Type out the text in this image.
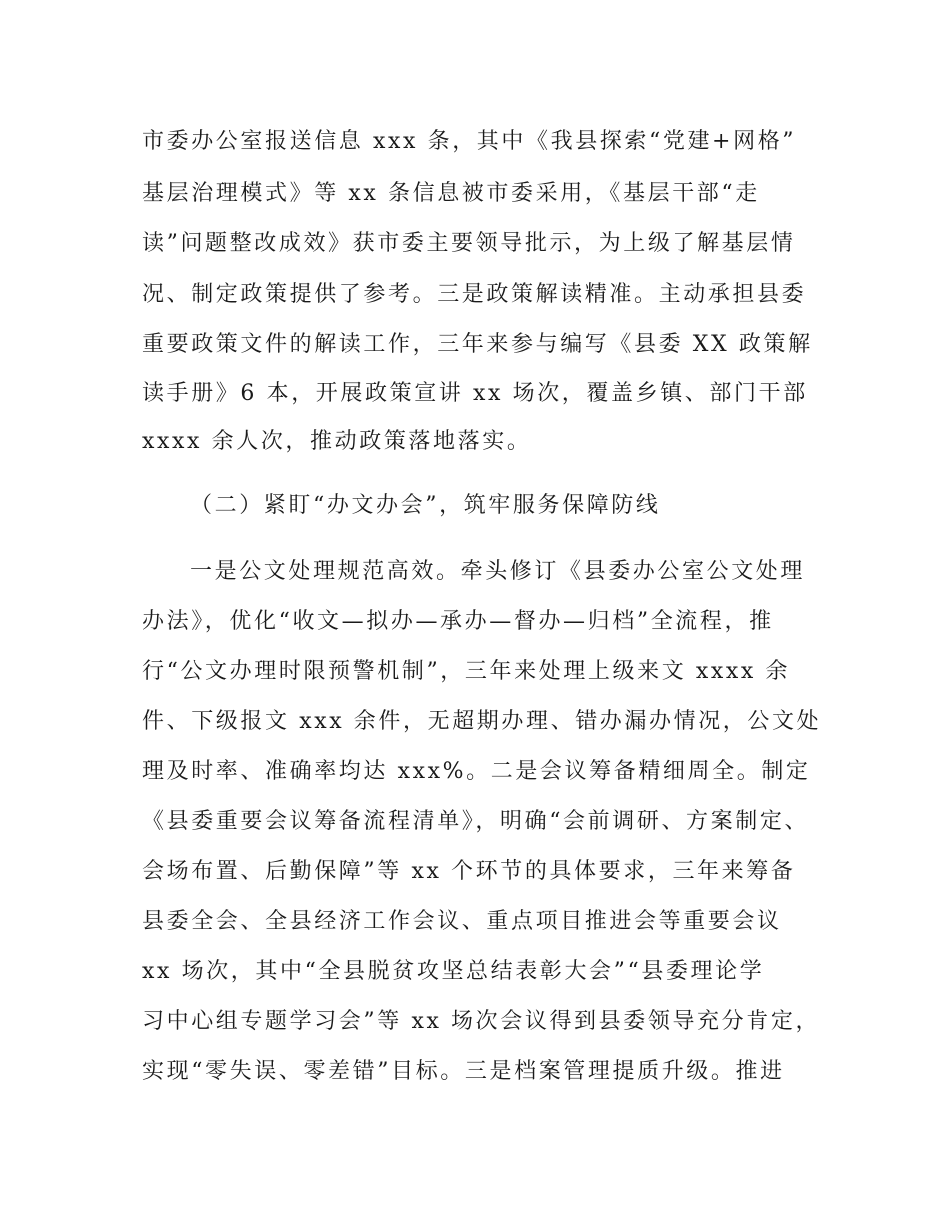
市委办公室报送信息 xxx 条，其中《我县探索“党建+网格”
基层治理模式》等 xx 条信息被市委采用，《基层干部“走
读”问题整改成效》获市委主要领导批示，为上级了解基层情
况、制定政策提供了参考。三是政策解读精准。主动承担县委
重要政策文件的解读工作，三年来参与编写《县委 XX 政策解
读手册》6 本，开展政策宣讲 xx 场次，覆盖乡镇、部门干部
xxxx 余人次，推动政策落地落实。
（二）紧盯“办文办会”，筑牢服务保障防线
一是公文处理规范高效。牵头修订《县委办公室公文处理
办法》，优化“收文—拟办—承办—督办—归档”全流程，推
行“公文办理时限预警机制”，三年来处理上级来文 xxxx 余
件、下级报文 xxx 余件，无超期办理、错办漏办情况，公文处
理及时率、准确率均达 xxx%。二是会议筹备精细周全。制定
《县委重要会议筹备流程清单》，明确“会前调研、方案制定、
会场布置、后勤保障”等 xx 个环节的具体要求，三年来筹备
县委全会、全县经济工作会议、重点项目推进会等重要会议
xx 场次，其中“全县脱贫攻坚总结表彰大会”“县委理论学
习中心组专题学习会”等 xx 场次会议得到县委领导充分肯定，
实现“零失误、零差错”目标。三是档案管理提质升级。推进
